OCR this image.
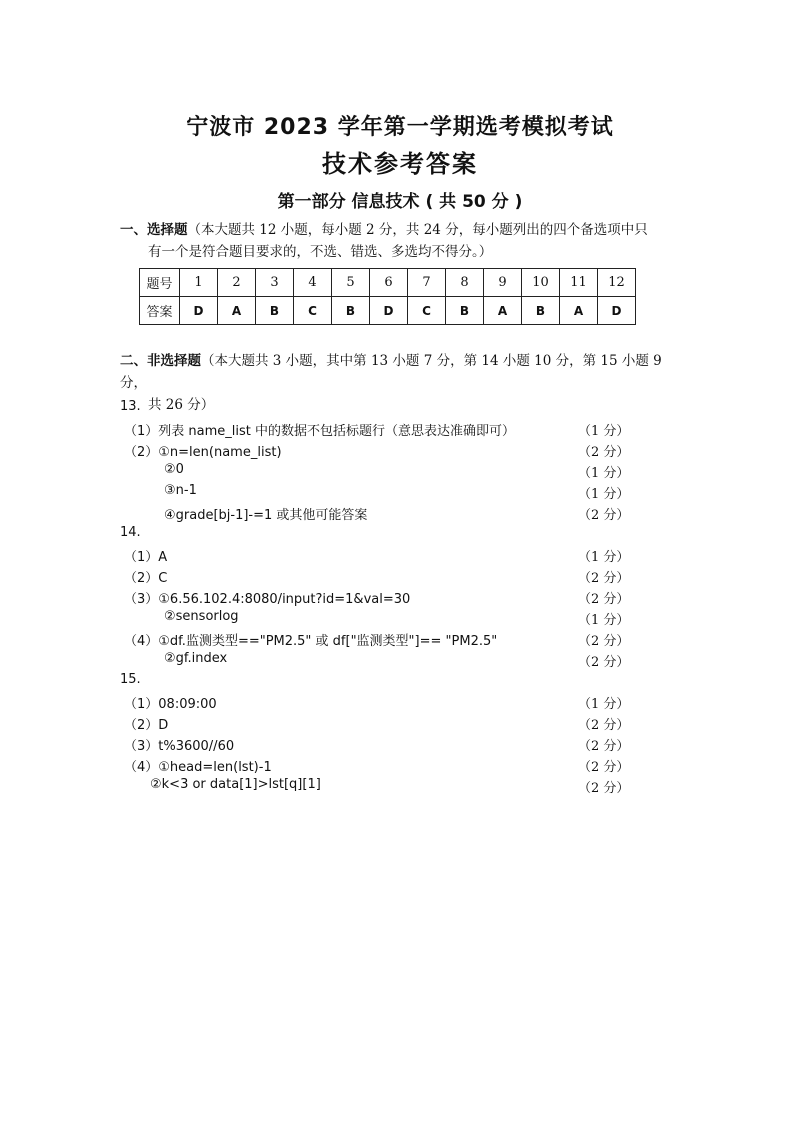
宁波市 2023 学年第一学期选考模拟考试
技术参考答案
第一部分 信息技术 ( 共 50 分 )
一、选择题（本大题共 12 小题，每小题 2 分，共 24 分，每小题列出的四个备选项中只
有一个是符合题目要求的，不选、错选、多选均不得分。）
题号	1	2	3	4	5	6	7	8	9	10	11	12
答案	D	A	B	C	B	D	C	B	A	B	A	D
二、非选择题（本大题共 3 小题，其中第 13 小题 7 分，第 14 小题 10 分，第 15 小题 9 分，
共 26 分）
13.
（1）列表 name_list 中的数据不包括标题行（意思表达准确即可）	（1 分）
（2）①n=len(name_list)	（2 分）
②0	（1 分）
③n-1	（1 分）
④grade[bj-1]-=1 或其他可能答案	（2 分）
14.
（1）A	（1 分）
（2）C	（2 分）
（3）①6.56.102.4:8080/input?id=1&val=30	（2 分）
②sensorlog	（1 分）
（4）①df.监测类型=="PM2.5" 或 df["监测类型"]== "PM2.5"	（2 分）
②gf.index	（2 分）
15.
（1）08:09:00	（1 分）
（2）D	（2 分）
（3）t%3600//60	（2 分）
（4）①head=len(lst)-1	（2 分）
②k<3 or data[1]>lst[q][1]	（2 分）
